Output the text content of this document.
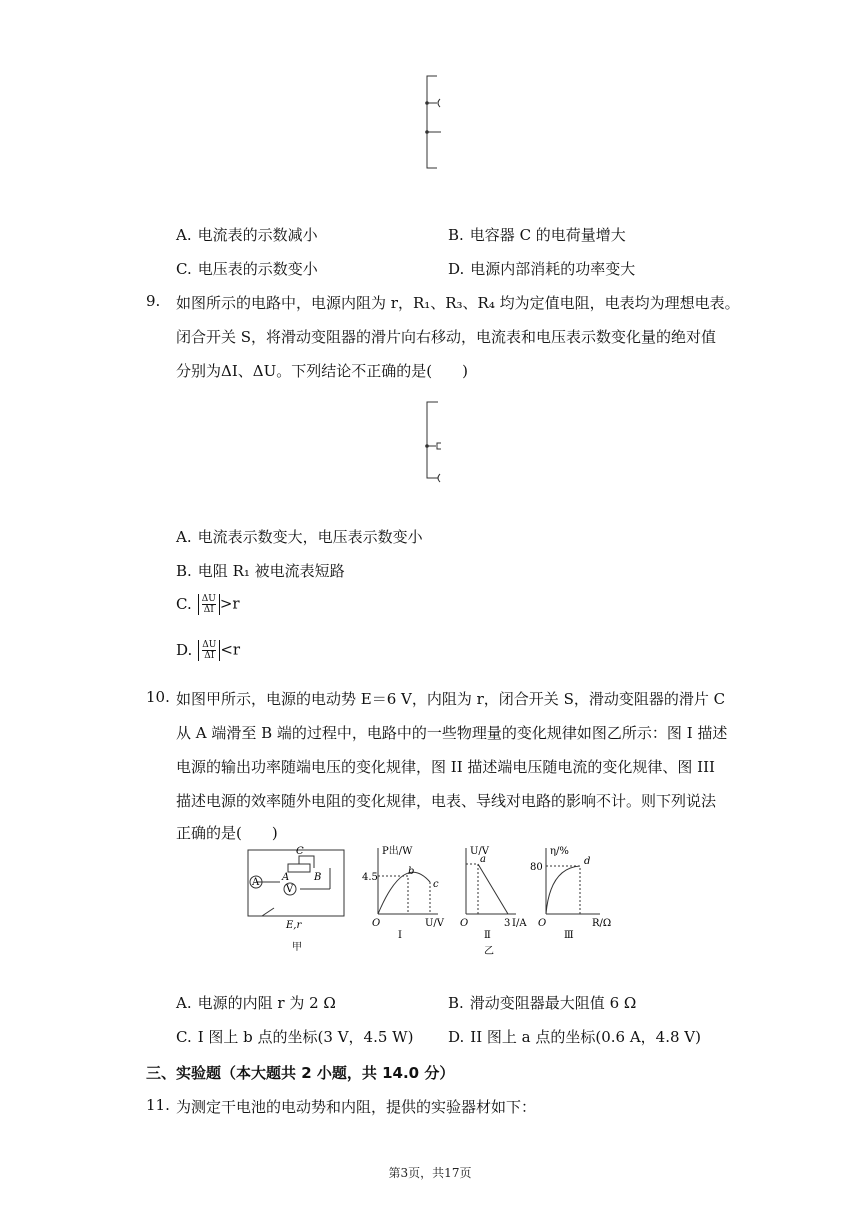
A. 电流表的示数减小	B. 电容器 C 的电荷量增大
C. 电压表的示数变小	D. 电源内部消耗的功率变大
9. 如图所示的电路中，电源内阻为 r，R₁、R₃、R₄ 均为定值电阻，电表均为理想电表。
闭合开关 S，将滑动变阻器的滑片向右移动，电流表和电压表示数变化量的绝对值
分别为ΔI、ΔU。下列结论不正确的是(　　)
A. 电流表示数变大，电压表示数变小
B. 电阻 R₁ 被电流表短路
C. $\frac{\Delta U}{\Delta I} >r$
D. $\frac{\Delta U}{\Delta I} <r$
10. 如图甲所示，电源的电动势 E＝6 V，内阻为 r，闭合开关 S，滑动变阻器的滑片 C
从 A 端滑至 B 端的过程中，电路中的一些物理量的变化规律如图乙所示：图 I 描述
电源的输出功率随端电压的变化规律，图 II 描述端电压随电流的变化规律、图 III
描述电源的效率随外电阻的变化规律，电表、导线对电路的影响不计。则下列说法
正确的是(　　)
A
V
C
A B
E,r
甲
P出/W
U/V
4.5
b
c
O
Ⅰ
U/V
I/A
3
a
O
Ⅱ
乙
η/%
R/Ω
80
d
O
Ⅲ
A. 电源的内阻 r 为 2 Ω	B. 滑动变阻器最大阻值 6 Ω
C. I 图上 b 点的坐标(3 V，4.5 W) D. II 图上 a 点的坐标(0.6 A，4.8 V)
三、实验题（本大题共 2 小题，共 14.0 分）
11. 为测定干电池的电动势和内阻，提供的实验器材如下：
第3页，共17页
